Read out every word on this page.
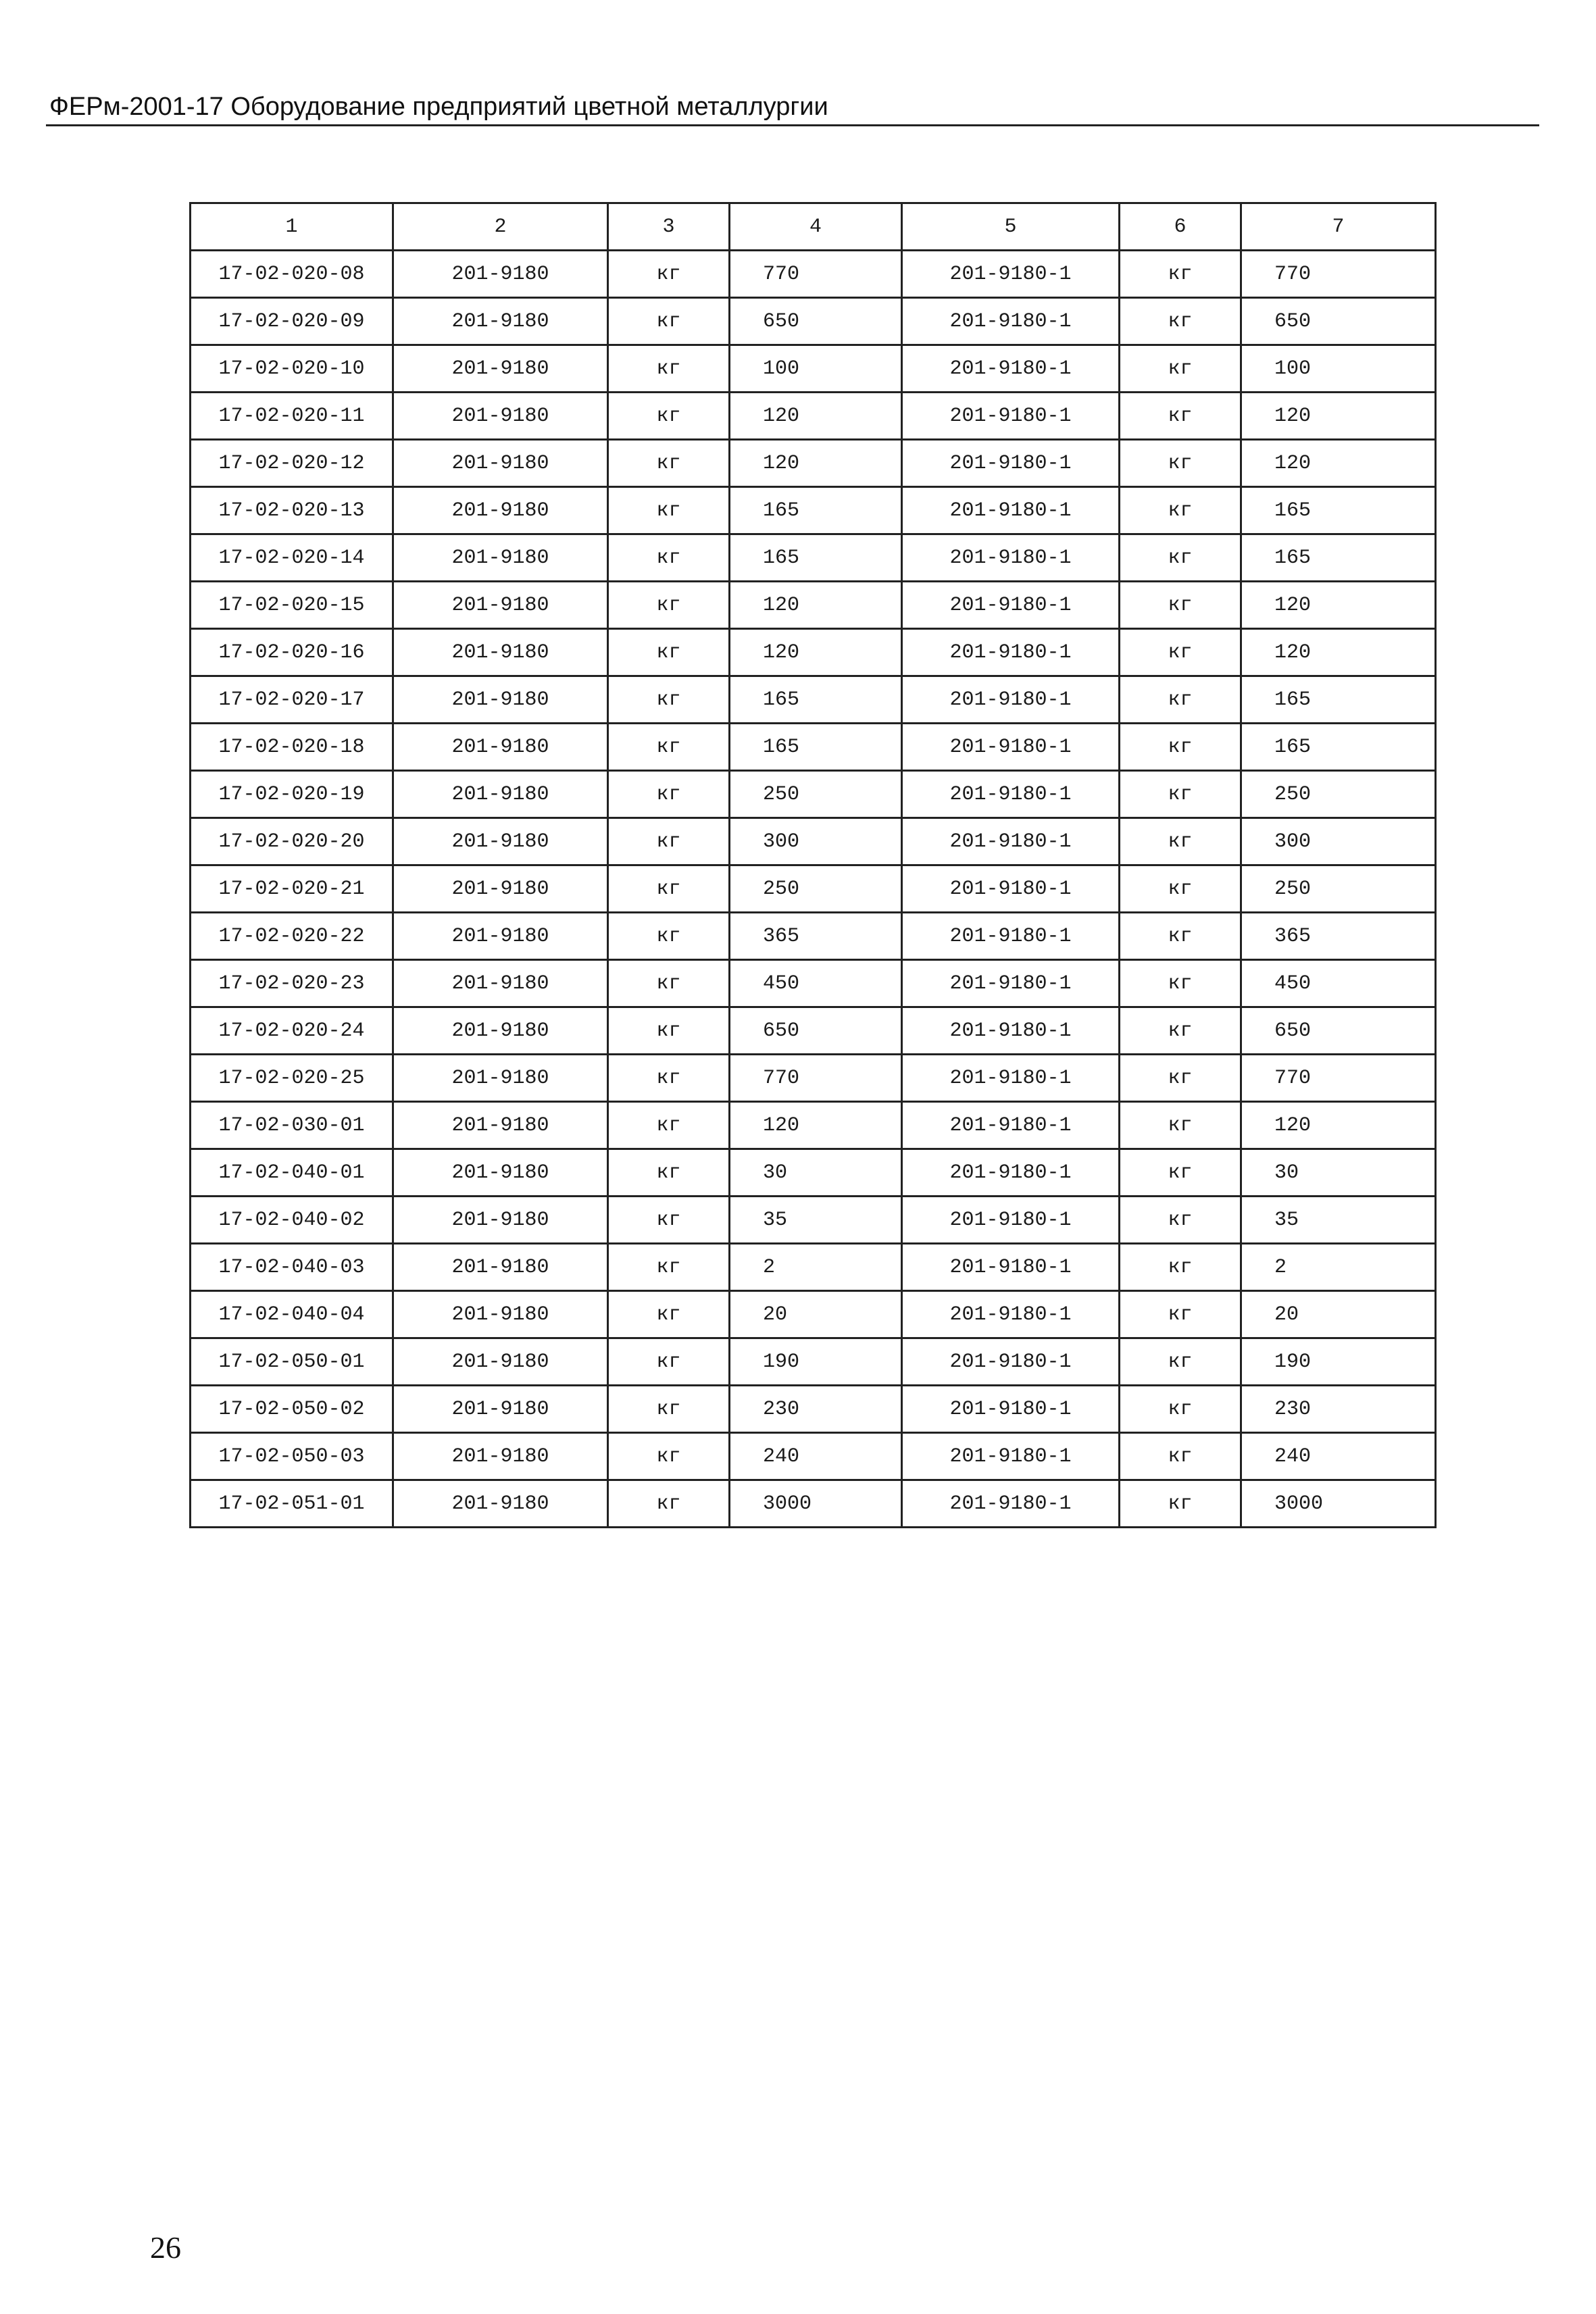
ФЕРм-2001-17 Оборудование предприятий цветной металлургии
1	2	3	4	5	6	7
17-02-020-08	201-9180	кг	770	201-9180-1	кг	770
17-02-020-09	201-9180	кг	650	201-9180-1	кг	650
17-02-020-10	201-9180	кг	100	201-9180-1	кг	100
17-02-020-11	201-9180	кг	120	201-9180-1	кг	120
17-02-020-12	201-9180	кг	120	201-9180-1	кг	120
17-02-020-13	201-9180	кг	165	201-9180-1	кг	165
17-02-020-14	201-9180	кг	165	201-9180-1	кг	165
17-02-020-15	201-9180	кг	120	201-9180-1	кг	120
17-02-020-16	201-9180	кг	120	201-9180-1	кг	120
17-02-020-17	201-9180	кг	165	201-9180-1	кг	165
17-02-020-18	201-9180	кг	165	201-9180-1	кг	165
17-02-020-19	201-9180	кг	250	201-9180-1	кг	250
17-02-020-20	201-9180	кг	300	201-9180-1	кг	300
17-02-020-21	201-9180	кг	250	201-9180-1	кг	250
17-02-020-22	201-9180	кг	365	201-9180-1	кг	365
17-02-020-23	201-9180	кг	450	201-9180-1	кг	450
17-02-020-24	201-9180	кг	650	201-9180-1	кг	650
17-02-020-25	201-9180	кг	770	201-9180-1	кг	770
17-02-030-01	201-9180	кг	120	201-9180-1	кг	120
17-02-040-01	201-9180	кг	30	201-9180-1	кг	30
17-02-040-02	201-9180	кг	35	201-9180-1	кг	35
17-02-040-03	201-9180	кг	2	201-9180-1	кг	2
17-02-040-04	201-9180	кг	20	201-9180-1	кг	20
17-02-050-01	201-9180	кг	190	201-9180-1	кг	190
17-02-050-02	201-9180	кг	230	201-9180-1	кг	230
17-02-050-03	201-9180	кг	240	201-9180-1	кг	240
17-02-051-01	201-9180	кг	3000	201-9180-1	кг	3000
26
